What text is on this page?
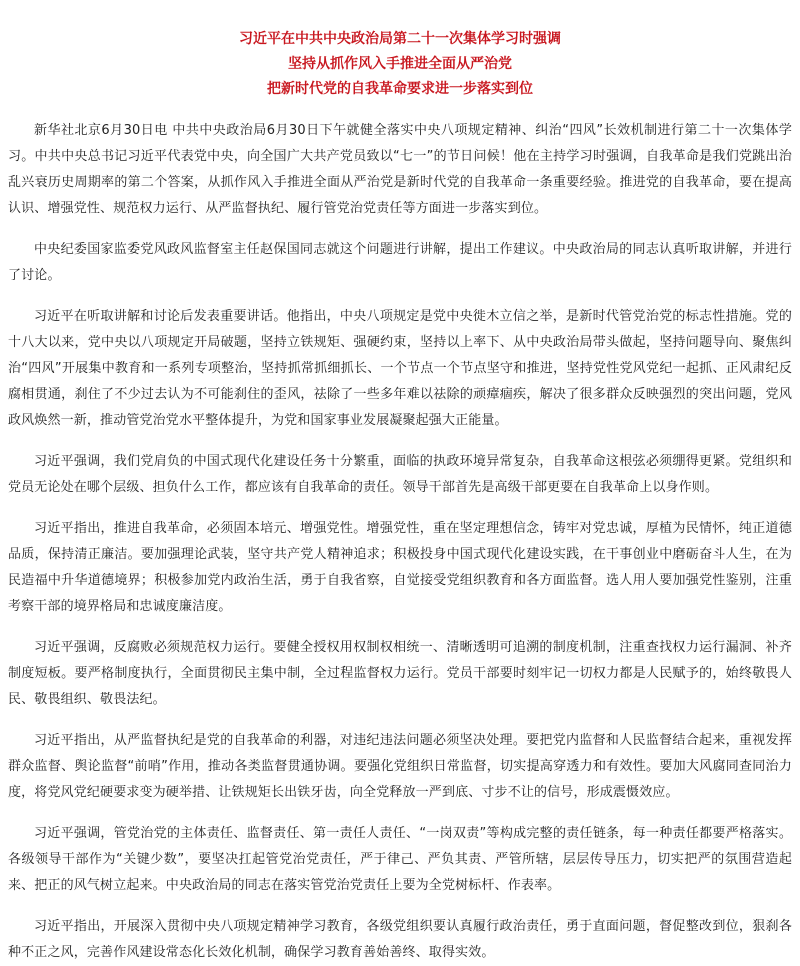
习近平在中共中央政治局第二十一次集体学习时强调
坚持从抓作风入手推进全面从严治党
把新时代党的自我革命要求进一步落实到位

新华社北京6月30日电 中共中央政治局6月30日下午就健全落实中央八项规定精神、纠治“四风”长效机制进行第二十一次集体学习。中共中央总书记习近平代表党中央，向全国广大共产党员致以“七一”的节日问候！他在主持学习时强调，自我革命是我们党跳出治乱兴衰历史周期率的第二个答案，从抓作风入手推进全面从严治党是新时代党的自我革命一条重要经验。推进党的自我革命，要在提高认识、增强党性、规范权力运行、从严监督执纪、履行管党治党责任等方面进一步落实到位。

中央纪委国家监委党风政风监督室主任赵保国同志就这个问题进行讲解，提出工作建议。中央政治局的同志认真听取讲解，并进行了讨论。

习近平在听取讲解和讨论后发表重要讲话。他指出，中央八项规定是党中央徙木立信之举，是新时代管党治党的标志性措施。党的十八大以来，党中央以八项规定开局破题，坚持立铁规矩、强硬约束，坚持以上率下、从中央政治局带头做起，坚持问题导向、聚焦纠治“四风”开展集中教育和一系列专项整治，坚持抓常抓细抓长、一个节点一个节点坚守和推进，坚持党性党风党纪一起抓、正风肃纪反腐相贯通，刹住了不少过去认为不可能刹住的歪风，祛除了一些多年难以祛除的顽瘴痼疾，解决了很多群众反映强烈的突出问题，党风政风焕然一新，推动管党治党水平整体提升，为党和国家事业发展凝聚起强大正能量。

习近平强调，我们党肩负的中国式现代化建设任务十分繁重，面临的执政环境异常复杂，自我革命这根弦必须绷得更紧。党组织和党员无论处在哪个层级、担负什么工作，都应该有自我革命的责任。领导干部首先是高级干部更要在自我革命上以身作则。

习近平指出，推进自我革命，必须固本培元、增强党性。增强党性，重在坚定理想信念，铸牢对党忠诚，厚植为民情怀，纯正道德品质，保持清正廉洁。要加强理论武装，坚守共产党人精神追求；积极投身中国式现代化建设实践，在干事创业中磨砺奋斗人生，在为民造福中升华道德境界；积极参加党内政治生活，勇于自我省察，自觉接受党组织教育和各方面监督。选人用人要加强党性鉴别，注重考察干部的境界格局和忠诚度廉洁度。

习近平强调，反腐败必须规范权力运行。要健全授权用权制权相统一、清晰透明可追溯的制度机制，注重查找权力运行漏洞、补齐制度短板。要严格制度执行，全面贯彻民主集中制，全过程监督权力运行。党员干部要时刻牢记一切权力都是人民赋予的，始终敬畏人民、敬畏组织、敬畏法纪。

习近平指出，从严监督执纪是党的自我革命的利器，对违纪违法问题必须坚决处理。要把党内监督和人民监督结合起来，重视发挥群众监督、舆论监督“前哨”作用，推动各类监督贯通协调。要强化党组织日常监督，切实提高穿透力和有效性。要加大风腐同查同治力度，将党风党纪硬要求变为硬举措、让铁规矩长出铁牙齿，向全党释放一严到底、寸步不让的信号，形成震慑效应。

习近平强调，管党治党的主体责任、监督责任、第一责任人责任、“一岗双责”等构成完整的责任链条，每一种责任都要严格落实。各级领导干部作为“关键少数”，要坚决扛起管党治党责任，严于律己、严负其责、严管所辖，层层传导压力，切实把严的氛围营造起来、把正的风气树立起来。中央政治局的同志在落实管党治党责任上要为全党树标杆、作表率。

习近平指出，开展深入贯彻中央八项规定精神学习教育，各级党组织要认真履行政治责任，勇于直面问题，督促整改到位，狠刹各种不正之风，完善作风建设常态化长效化机制，确保学习教育善始善终、取得实效。
